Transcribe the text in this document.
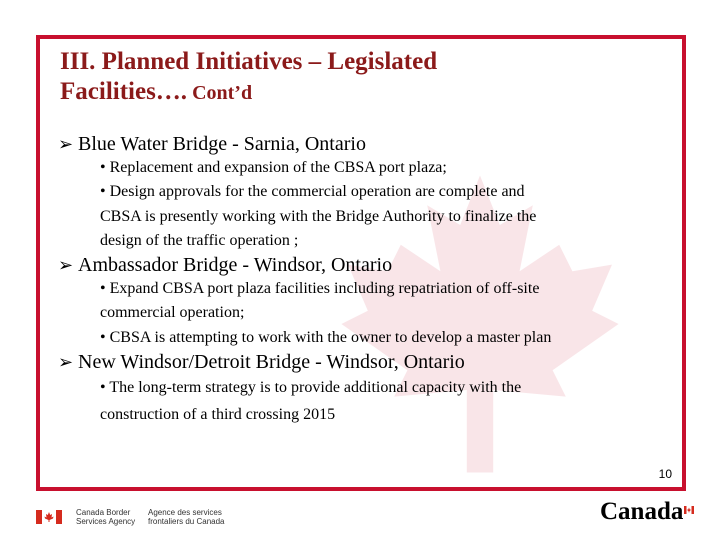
III. Planned Initiatives – Legislated
Facilities…. Cont’d
➢ Blue Water Bridge - Sarnia, Ontario
• Replacement and expansion of the CBSA port plaza;
• Design approvals for the commercial operation are complete and
CBSA is presently working with the Bridge Authority to finalize the
design of the traffic operation ;
➢ Ambassador Bridge - Windsor, Ontario
• Expand CBSA port plaza facilities including repatriation of off-site
commercial operation;
• CBSA is attempting to work with the owner to develop a master plan
➢ New Windsor/Detroit Bridge - Windsor, Ontario
• The long-term strategy is to provide additional capacity with the
construction of a third crossing 2015
10
Canada Border
Services Agency
Agence des services
frontaliers du Canada	Canada
